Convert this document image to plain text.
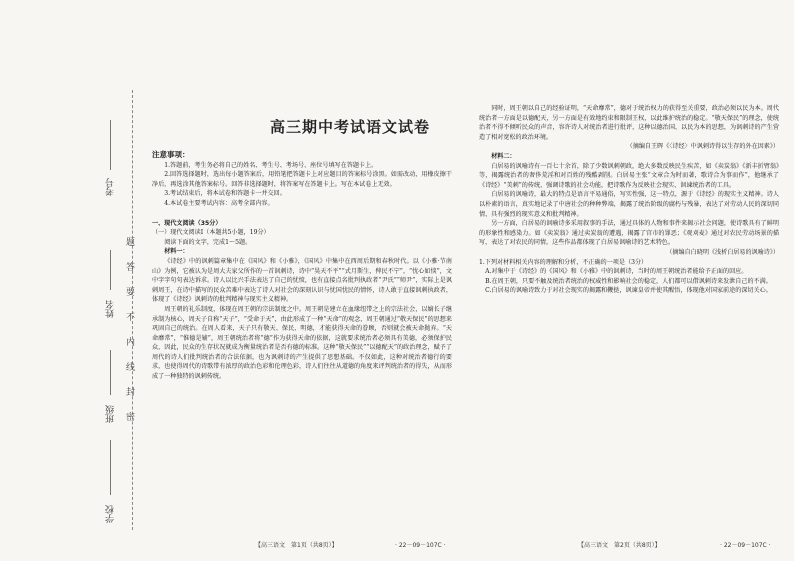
考号
姓名
班级
学校
题
答
要
不
内
线
封
密
高三期中考试语文试卷
注意事项：

1.答题前，考生务必将自己的姓名、考生号、考场号、座位号填写在答题卡上。

2.回答选择题时，选出每小题答案后，用铅笔把答题卡上对应题目的答案标号涂黑。如需改动，用橡皮擦干净后，再选涂其他答案标号。回答非选择题时，将答案写在答题卡上。写在本试卷上无效。

3.考试结束后，将本试卷和答题卡一并交回。

4.本试卷主要考试内容：高考全部内容。

一、现代文阅读（35分）

（一）现代文阅读Ⅰ（本题共5小题，19分）

阅读下面的文字，完成1～5题。

材料一：

《诗经》中的讽刺篇章集中在《国风》和《小雅》，《国风》中集中在西周后期和春秋时代。以《小雅·节南山》为例，它被认为是周大夫家父所作的一首讽刺诗，诗中“昊天不平”“式月斯生，俾民不宁”，“忧心如惔”，文中字字句句表达诉求。诗人以比兴手法表达了自己的忧愤，也有直接点名批判执政者“尹氏”“师尹”，实际上是讽刺周王，在诗中描写的民众苦难中表达了诗人对社会的深刻认识与忧国忧民的情怀，诗人敢于直接讽刺执政者，体现了《诗经》讽刺诗的批判精神与现实主义精神。

周王朝的礼乐制度，体现在周王朝的宗法制度之中。周王朝是建立在血缘纽带之上的宗法社会，以嫡长子继承制为核心，周天子自称“天子”，“受命于天”，由此形成了一种“天命”的观念，周王朝通过“敬天保民”的思想来巩固自己的统治。在周人看来，天子只有敬天、保民、明德，才能获得天命的眷顾，否则就会被天命抛弃。“天命靡常”，“惟德是辅”，周王朝统治者将“德”作为获得天命的依据，这就要求统治者必须具有美德，必须保护民众，因此，民众的生存状况就成为衡量统治者是否有德的标准。这种“敬天保民”“以德配天”的政治理念，赋予了周代的诗人们批判统治者的合法依据，也为讽刺诗的产生提供了思想基础。不仅如此，这种对统治者德行的要求，也使得周代的诗歌带有浓厚的政治色彩和伦理色彩，诗人们往往从道德的角度来评判统治者的得失，从而形成了一种独特的讽刺传统。

同时，周王朝以自己的经验证明，“天命靡常”，德对于统治权力的获得至关重要，政治必须以民为本。周代统治者一方面是以德配天，另一方面是有效地约束和限制王权，以此维护统治的稳定。“敬天保民”的理念，使统治者不得不倾听民众的声音，容许诗人对统治者进行批评，这种以德治国、以民为本的思想，为讽刺诗的产生营造了相对宽松的政治环境。

（摘编自王晖《〈诗经〉中讽刺诗得以生存的外在因素》）

材料二：

白居易的讽喻诗有一百七十余首，除了少数讽刺朝政，绝大多数反映民生疾苦，如《卖炭翁》《新丰折臂翁》等，揭露统治者的奢侈荒淫和对百姓的残酷剥削。白居易主张“文章合为时而著，歌诗合为事而作”，他继承了《诗经》“美刺”的传统，强调诗歌的社会功能，把诗歌作为反映社会现实、讽谏统治者的工具。

白居易的讽喻诗，最大的特点是语言平易通俗，写实性强，这一特点，源于《诗经》的现实主义精神。诗人以朴素的语言，真实地记录了中唐社会的种种弊端，揭露了统治阶级的腐朽与残暴，表达了对劳动人民的深切同情，具有强烈的现实意义和批判精神。

另一方面，白居易的讽喻诗多采用叙事的手法，通过具体的人物和事件来揭示社会问题，使诗歌具有了鲜明的形象性和感染力。如《卖炭翁》通过卖炭翁的遭遇，揭露了宫市的罪恶；《观刈麦》通过对农民劳动场景的描写，表达了对农民的同情，这些作品都体现了白居易讽喻诗的艺术特色。

（摘编自白晓明《浅析白居易的讽喻诗》）

1.下列对材料相关内容的理解和分析，不正确的一项是（3分）

A.对集中于《诗经》的《国风》和《小雅》中的讽刺诗，当时的周王朝统治者能给予正面的回应。

B.在周王朝，只要不触及统治者统治的权威性和影响社会的稳定，人们都可以借讽刺诗来发泄自己的不满。

C.白居易的讽喻诗致力于对社会现实的揭露和鞭挞，讽谏皇帝并使其醒悟，体现他对国家前途的深切关心。

【高三语文　第1页（共8页）】	· 22－09－107C ·	【高三语文　第2页（共8页）】	· 22－09－107C ·
